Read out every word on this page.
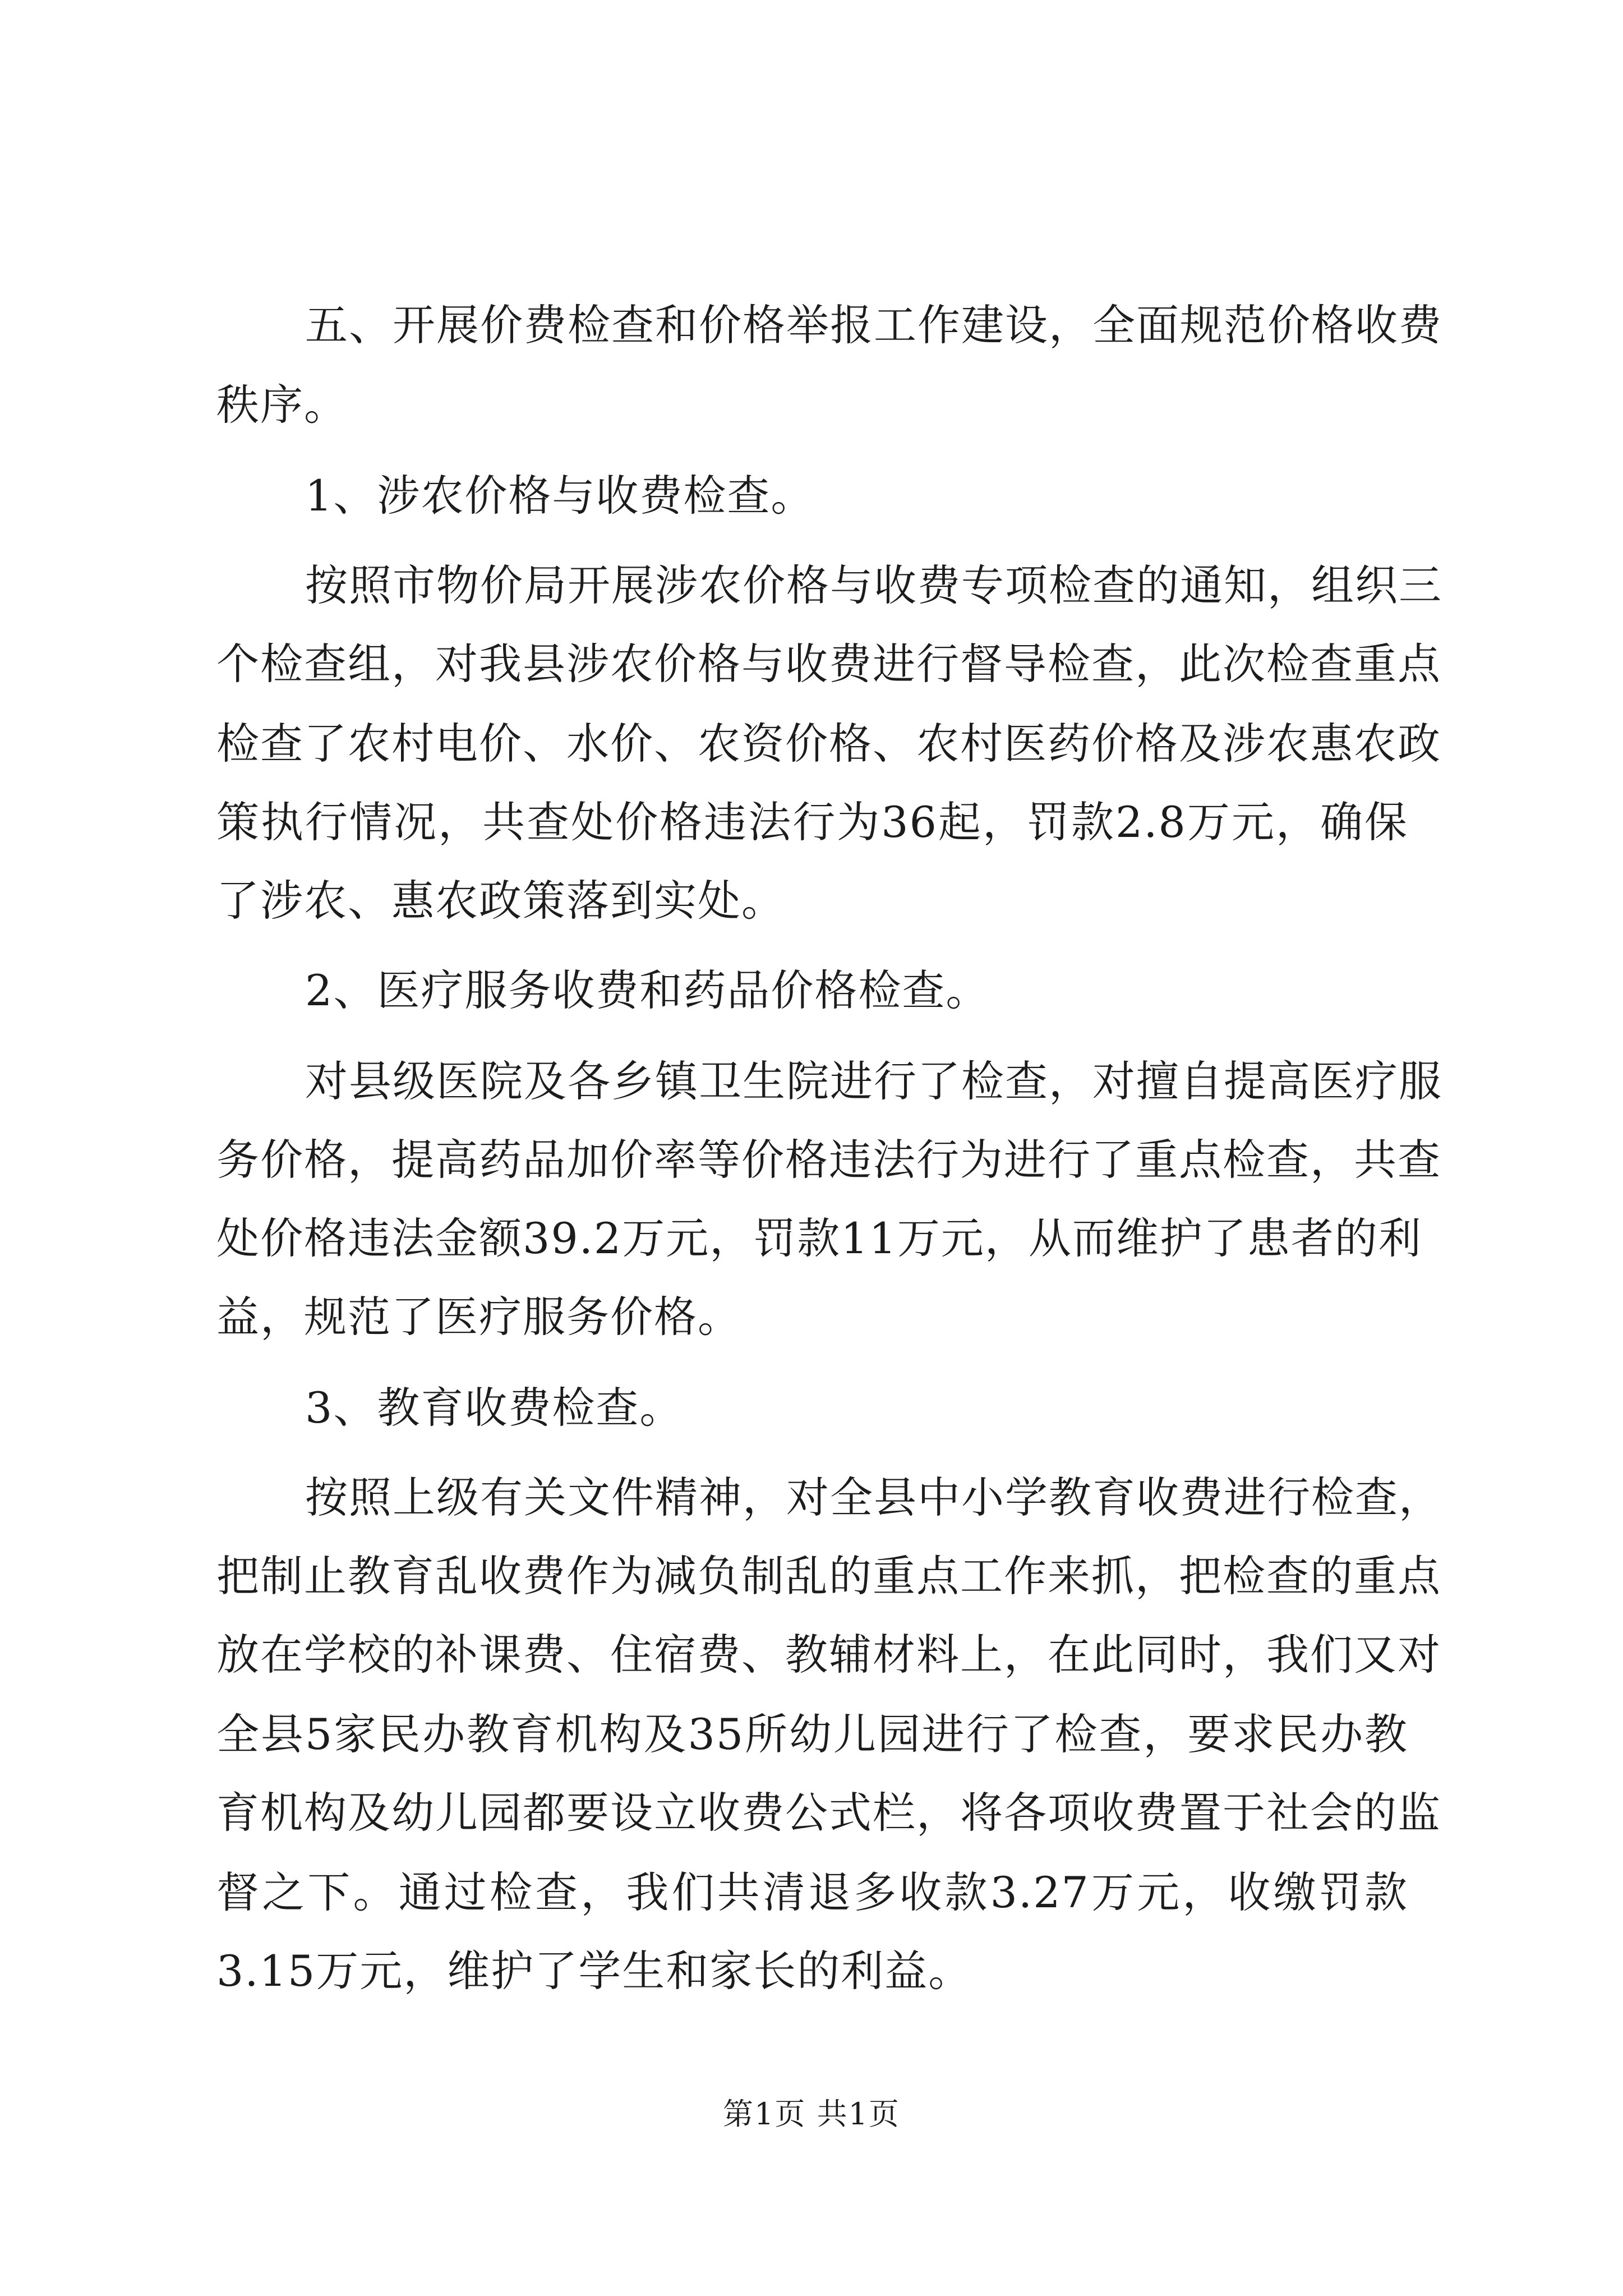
五、开展价费检查和价格举报工作建设，全面规范价格收费
秩序。
1、涉农价格与收费检查。
按照市物价局开展涉农价格与收费专项检查的通知，组织三
个检查组，对我县涉农价格与收费进行督导检查，此次检查重点
检查了农村电价、水价、农资价格、农村医药价格及涉农惠农政
策执行情况，共查处价格违法行为36起，罚款2.8万元，确保
了涉农、惠农政策落到实处。
2、医疗服务收费和药品价格检查。
对县级医院及各乡镇卫生院进行了检查，对擅自提高医疗服
务价格，提高药品加价率等价格违法行为进行了重点检查，共查
处价格违法金额39.2万元，罚款11万元，从而维护了患者的利
益，规范了医疗服务价格。
3、教育收费检查。
按照上级有关文件精神，对全县中小学教育收费进行检查，
把制止教育乱收费作为减负制乱的重点工作来抓，把检查的重点
放在学校的补课费、住宿费、教辅材料上，在此同时，我们又对
全县5家民办教育机构及35所幼儿园进行了检查，要求民办教
育机构及幼儿园都要设立收费公式栏，将各项收费置于社会的监
督之下。通过检查，我们共清退多收款3.27万元，收缴罚款
3.15万元，维护了学生和家长的利益。
第1页 共1页
